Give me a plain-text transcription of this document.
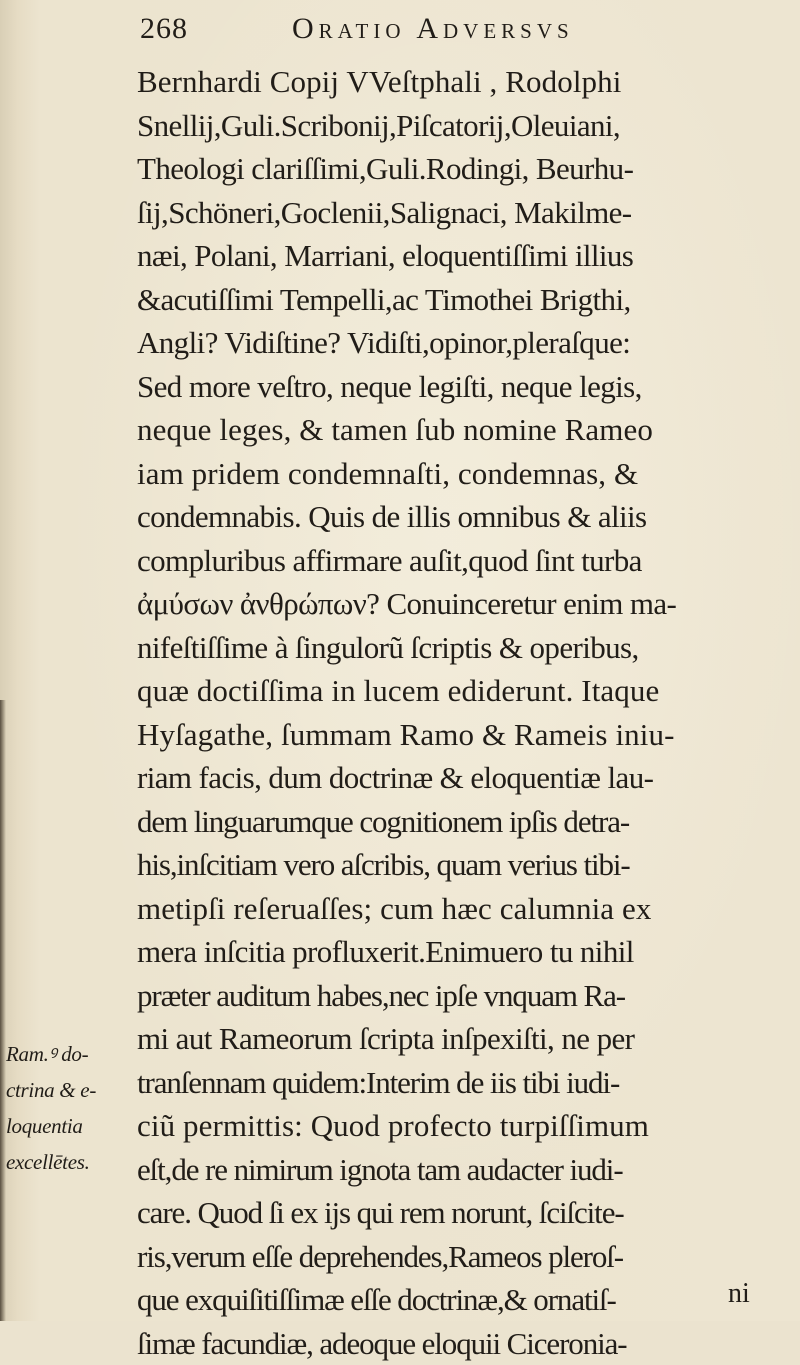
268	Oratio Adversvs
Bernhardi Copij VVeſtphali , Rodolphi
Snellij,Guli.Scribonij,Piſcatorij,Oleuiani,
Theologi clariſſimi,Guli.Rodingi, Beurhu-
ſij,Schöneri,Goclenii,Salignaci, Makilme-
næi, Polani, Marriani, eloquentiſſimi illius
&acutiſſimi Tempelli,ac Timothei Brigthi,
Angli? Vidiſtine? Vidiſti,opinor,pleraſque:
Sed more veſtro, neque legiſti, neque legis,
neque leges, & tamen ſub nomine Rameo
iam pridem condemnaſti, condemnas, &
condemnabis. Quis de illis omnibus & aliis
compluribus affirmare auſit,quod ſint turba
ἀμύσων ἀνθρώπων? Conuinceretur enim ma-
nifeſtiſſime à ſingulorũ ſcriptis & operibus,
quæ doctiſſima in lucem ediderunt. Itaque
Hyſagathe, ſummam Ramo & Rameis iniu-
riam facis, dum doctrinæ & eloquentiæ lau-
dem linguarumque cognitionem ipſis detra-
his,inſcitiam vero aſcribis, quam verius tibi-
metipſi reſeruaſſes; cum hæc calumnia ex
mera inſcitia profluxerit.Enimuero tu nihil
præter auditum habes,nec ipſe vnquam Ra-
mi aut Rameorum ſcripta inſpexiſti, ne per
tranſennam quidem:Interim de iis tibi iudi-
ciũ permittis: Quod profecto turpiſſimum
eſt,de re nimirum ignota tam audacter iudi-
care. Quod ſi ex ijs qui rem norunt, ſciſcite-
ris,verum eſſe deprehendes,Rameos pleroſ-
que exquiſitiſſimæ eſſe doctrinæ,& ornatiſ-
ſimæ facundiæ, adeoque eloquii Ciceronia-
ni
Ram.ꝰ do-
ctrina & e-
loquentia
excellētes.
